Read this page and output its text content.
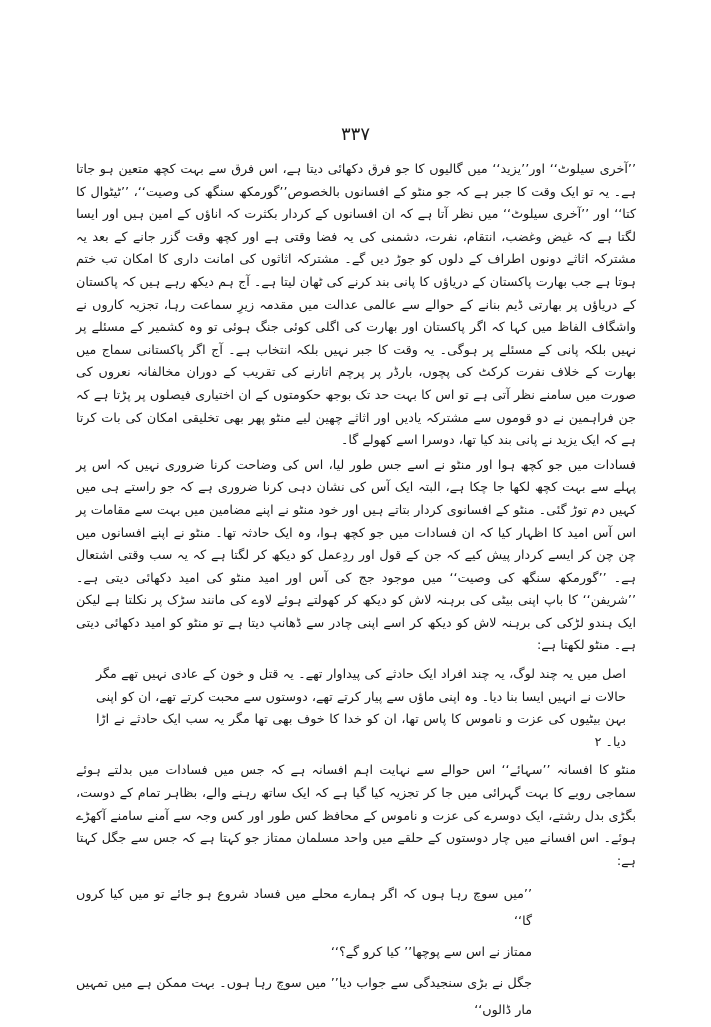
۳۳۷

’’آخری سیلوٹ‘‘ اور’’یزید‘‘ میں گالیوں کا جو فرق دکھائی دیتا ہے، اس فرق سے بہت کچھ متعین ہو جاتا ہے۔ یہ تو ایک وقت کا جبر ہے کہ جو منٹو کے افسانوں بالخصوص’’گورمکھ سنگھ کی وصیت‘‘، ’’ٹیٹوال کا کتا‘‘ اور ’’آخری سیلوٹ‘‘ میں نظر آتا ہے کہ ان افسانوں کے کردار بکثرت کہ اناؤں کے امین ہیں اور ایسا لگتا ہے کہ غیض وغضب، انتقام، نفرت، دشمنی کی یہ فضا وقتی ہے اور کچھ وقت گزر جانے کے بعد یہ مشترکہ اثاثے دونوں اطراف کے دلوں کو جوڑ دیں گے۔ مشترکہ اثاثوں کی امانت داری کا امکان تب ختم ہوتا ہے جب بھارت پاکستان کے دریاؤں کا پانی بند کرنے کی ٹھان لیتا ہے۔ آج ہم دیکھ رہے ہیں کہ پاکستان کے دریاؤں پر بھارتی ڈیم بنانے کے حوالے سے عالمی عدالت میں مقدمہ زیرِ سماعت رہا، تجزیہ کاروں نے واشگاف الفاظ میں کہا کہ اگر پاکستان اور بھارت کی اگلی کوئی جنگ ہوئی تو وہ کشمیر کے مسئلے پر نہیں بلکہ پانی کے مسئلے پر ہوگی۔ یہ وقت کا جبر نہیں بلکہ انتخاب ہے۔ آج اگر پاکستانی سماج میں بھارت کے خلاف نفرت کرکٹ کی پچوں، بارڈر پر پرچم اتارنے کی تقریب کے دوران مخالفانہ نعروں کی صورت میں سامنے نظر آتی ہے تو اس کا بہت حد تک بوجھ حکومتوں کے ان اختیاری فیصلوں پر پڑتا ہے کہ جن فراہمین نے دو قوموں سے مشترکہ یادیں اور اثاثے چھین لیے منٹو پھر بھی تخلیقی امکان کی بات کرتا ہے کہ ایک یزید نے پانی بند کیا تھا، دوسرا اسے کھولے گا۔

فسادات میں جو کچھ ہوا اور منٹو نے اسے جس طور لیا، اس کی وضاحت کرنا ضروری نہیں کہ اس پر پہلے سے بہت کچھ لکھا جا چکا ہے، البتہ ایک آس کی نشان دہی کرنا ضروری ہے کہ جو راستے ہی میں کہیں دم توڑ گئی۔ منٹو کے افسانوی کردار بتاتے ہیں اور خود منٹو نے اپنے مضامین میں بہت سے مقامات پر اس آس امید کا اظہار کیا کہ ان فسادات میں جو کچھ ہوا، وہ ایک حادثہ تھا۔ منٹو نے اپنے افسانوں میں چن چن کر ایسے کردار پیش کیے کہ جن کے قول اور ردِعمل کو دیکھ کر لگتا ہے کہ یہ سب وقتی اشتعال ہے۔ ’’گورمکھ سنگھ کی وصیت‘‘ میں موجود جج کی آس اور امید منٹو کی امید دکھائی دیتی ہے۔ ’’شریفن‘‘ کا باپ اپنی بیٹی کی برہنہ لاش کو دیکھ کر کھولتے ہوئے لاوے کی مانند سڑک پر نکلتا ہے لیکن ایک ہندو لڑکی کی برہنہ لاش کو دیکھ کر اسے اپنی چادر سے ڈھانپ دیتا ہے تو منٹو کو امید دکھائی دیتی ہے۔ منٹو لکھتا ہے:

اصل میں یہ چند لوگ، یہ چند افراد ایک حادثے کی پیداوار تھے۔ یہ قتل و خون کے عادی نہیں تھے مگر حالات نے انہیں ایسا بنا دیا۔ وہ اپنی ماؤں سے پیار کرتے تھے، دوستوں سے محبت کرتے تھے، ان کو اپنی بہن بیٹیوں کی عزت و ناموس کا پاس تھا، ان کو خدا کا خوف بھی تھا مگر یہ سب ایک حادثے نے اڑا دیا۔ ۲

منٹو کا افسانہ ’’سہائے‘‘ اس حوالے سے نہایت اہم افسانہ ہے کہ جس میں فسادات میں بدلتے ہوئے سماجی رویے کا بہت گہرائی میں جا کر تجزیہ کیا گیا ہے کہ ایک ساتھ رہنے والے، بظاہر تمام کے دوست، بگڑی بدل رشتے، ایک دوسرے کی عزت و ناموس کے محافظ کس طور اور کس وجہ سے آمنے سامنے آکھڑے ہوئے۔ اس افسانے میں چار دوستوں کے حلقے میں واحد مسلمان ممتاز جو کہتا ہے کہ جس سے جگل کہتا ہے:

’’میں سوچ رہا ہوں کہ اگر ہمارے محلے میں فساد شروع ہو جائے تو میں کیا کروں گا‘‘
ممتاز نے اس سے پوچھا’’ کیا کرو گے؟‘‘
جگل نے بڑی سنجیدگی سے جواب دیا’’ میں سوچ رہا ہوں۔ بہت ممکن ہے میں تمہیں مار ڈالوں‘‘
